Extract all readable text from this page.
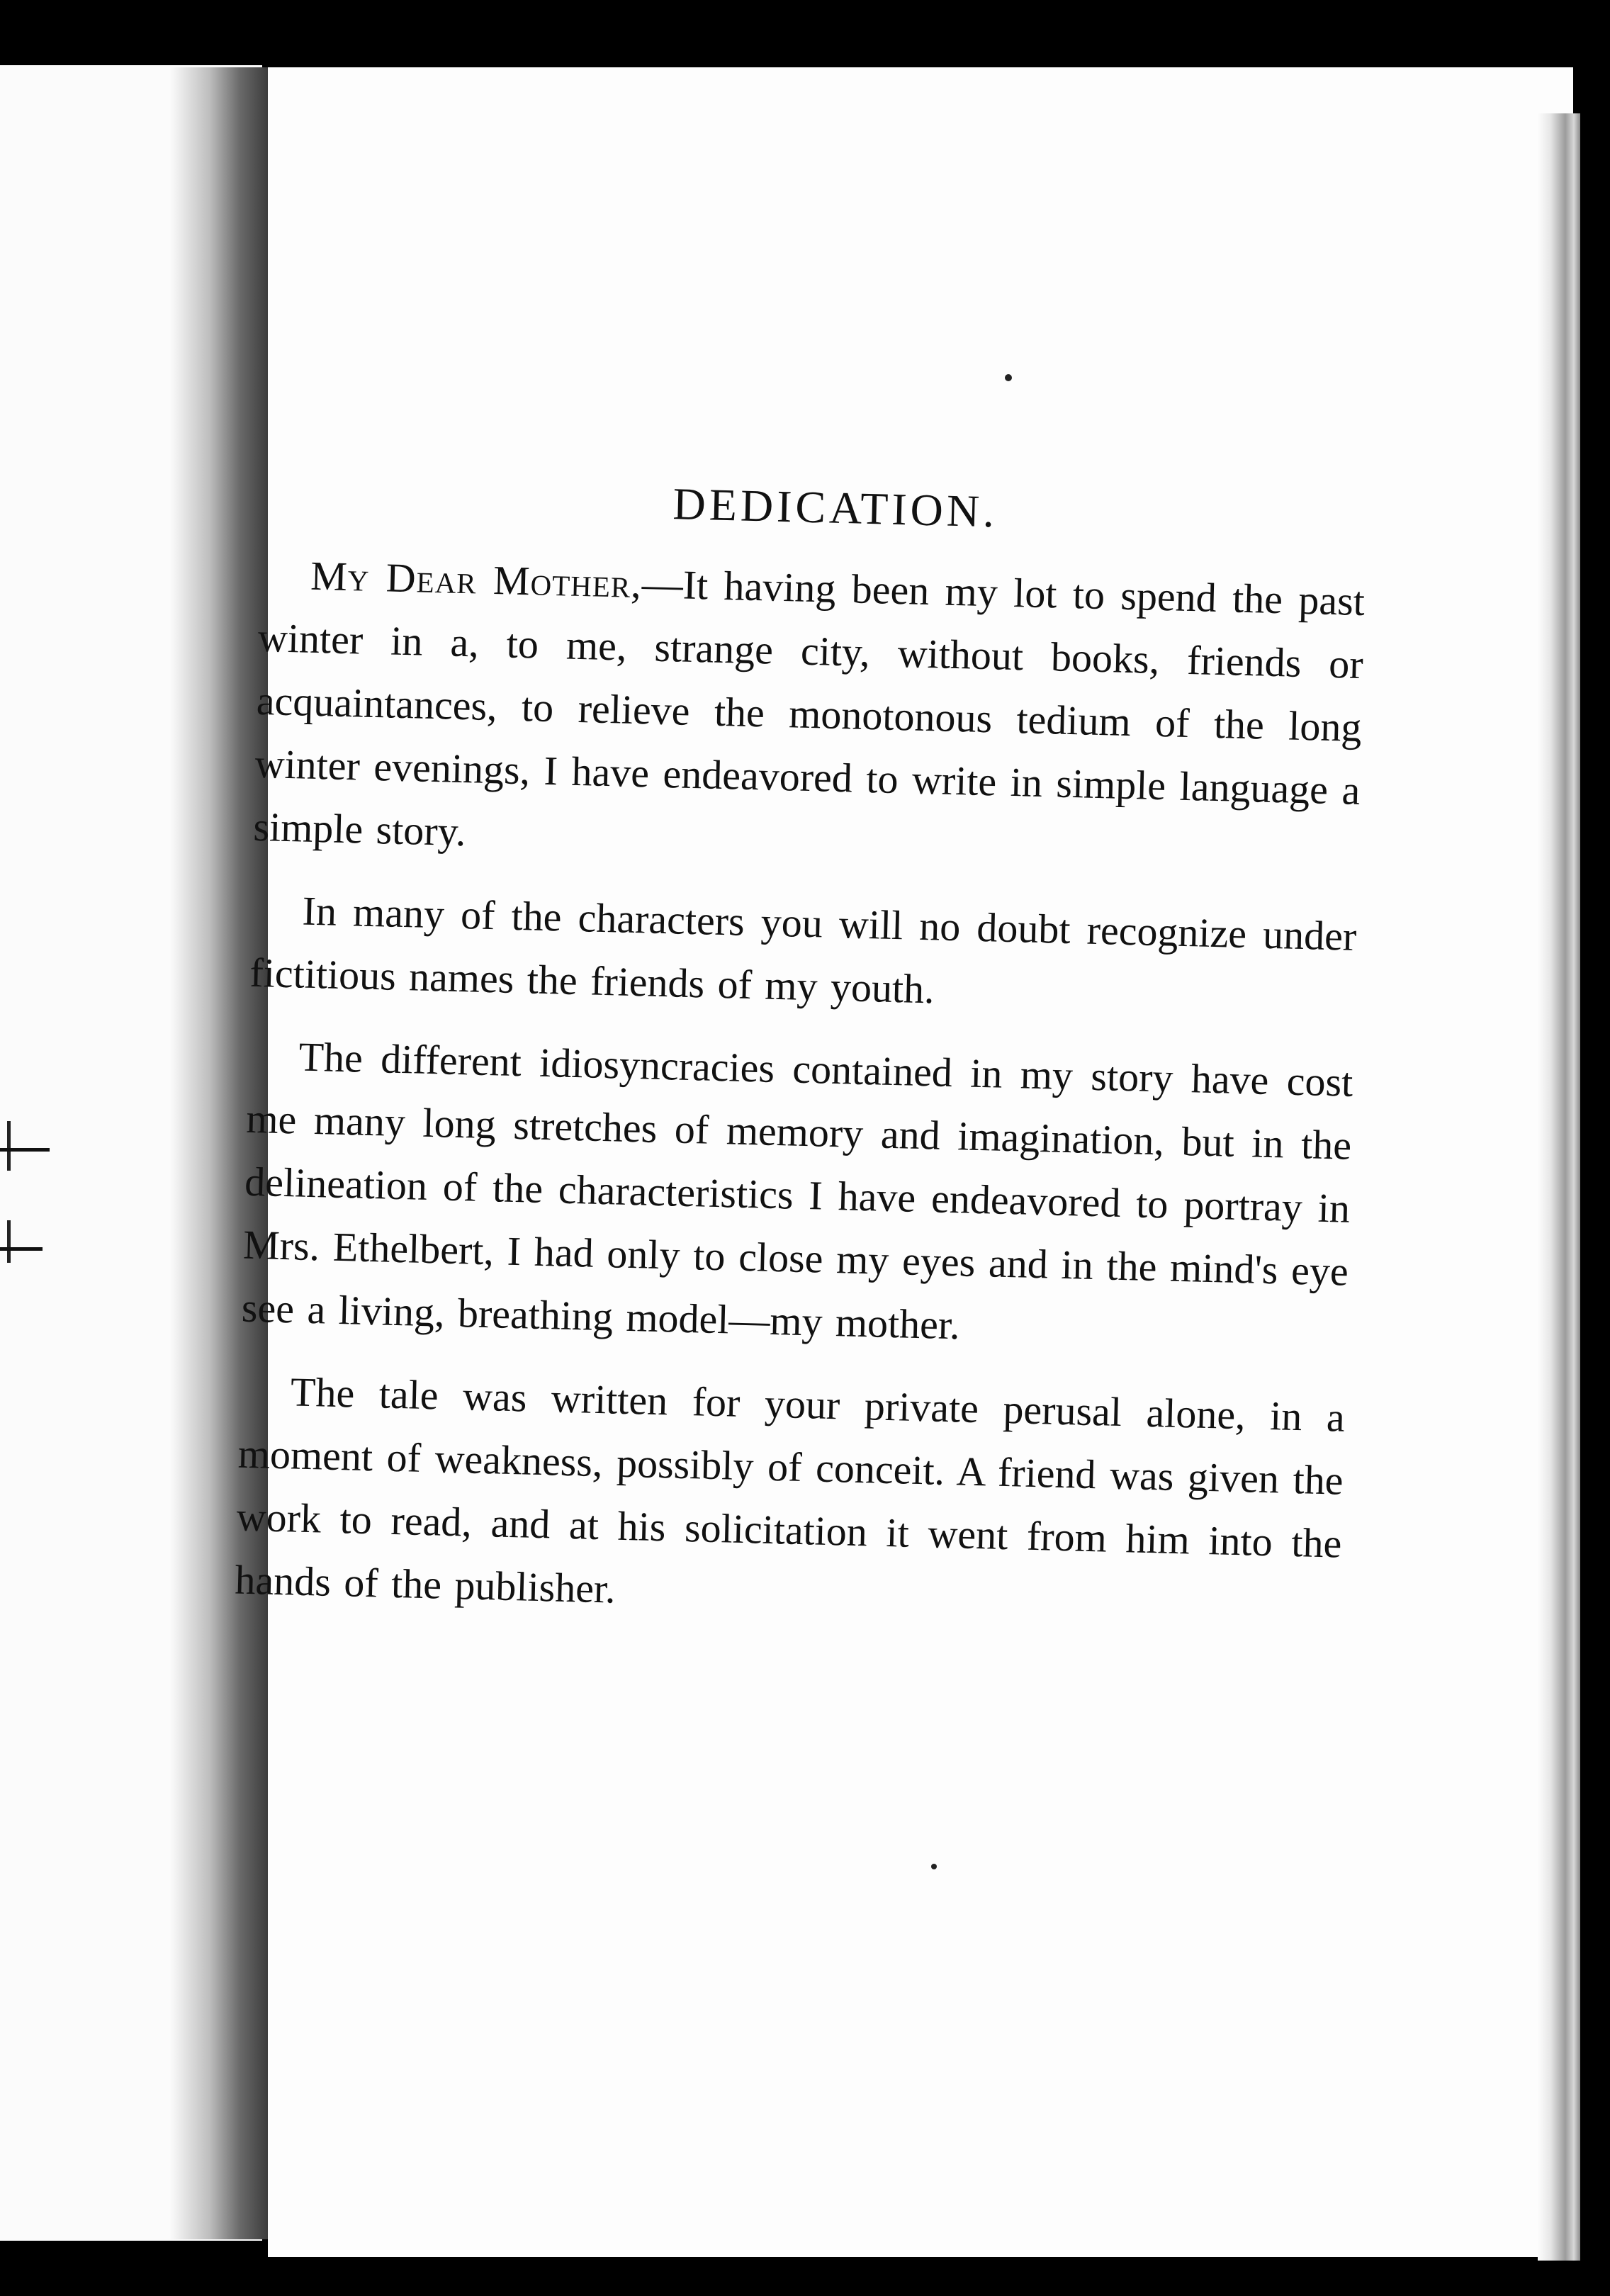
DEDICATION.

My Dear Mother,—It having been my lot to spend the past winter in a, to me, strange city, without books, friends or acquaintances, to relieve the monotonous tedium of the long winter evenings, I have endeavored to write in simple language a simple story.

In many of the characters you will no doubt recognize under fictitious names the friends of my youth.

The different idiosyncracies contained in my story have cost me many long stretches of memory and imagination, but in the delineation of the characteristics I have endeavored to portray in Mrs. Ethelbert, I had only to close my eyes and in the mind's eye see a living, breathing model—my mother.

The tale was written for your private perusal alone, in a moment of weakness, possibly of conceit. A friend was given the work to read, and at his solicitation it went from him into the hands of the publisher.
